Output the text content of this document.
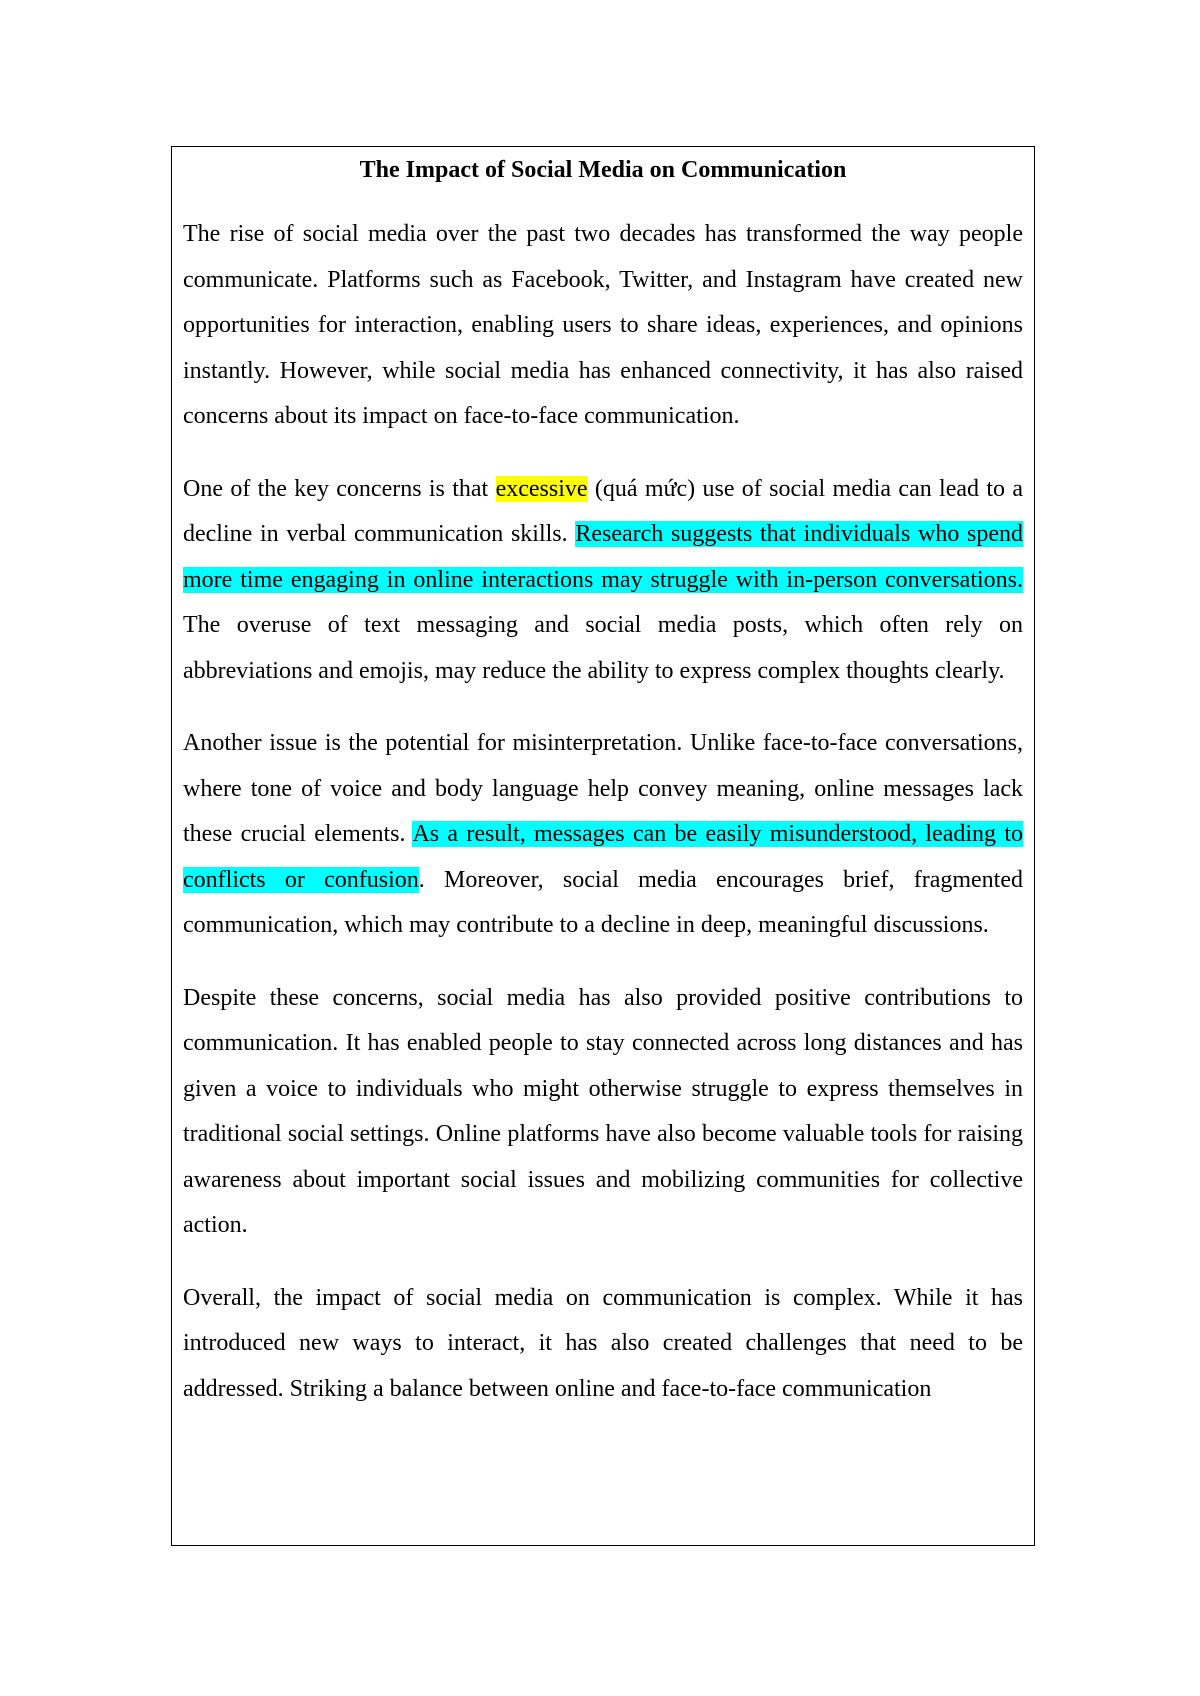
The Impact of Social Media on Communication

The rise of social media over the past two decades has transformed the way people communicate. Platforms such as Facebook, Twitter, and Instagram have created new opportunities for interaction, enabling users to share ideas, experiences, and opinions instantly. However, while social media has enhanced connectivity, it has also raised concerns about its impact on face-to-face communication.

One of the key concerns is that excessive (quá mức) use of social media can lead to a decline in verbal communication skills. Research suggests that individuals who spend more time engaging in online interactions may struggle with in-person conversations. The overuse of text messaging and social media posts, which often rely on abbreviations and emojis, may reduce the ability to express complex thoughts clearly.

Another issue is the potential for misinterpretation. Unlike face-to-face conversations, where tone of voice and body language help convey meaning, online messages lack these crucial elements. As a result, messages can be easily misunderstood, leading to conflicts or confusion. Moreover, social media encourages brief, fragmented communication, which may contribute to a decline in deep, meaningful discussions.

Despite these concerns, social media has also provided positive contributions to communication. It has enabled people to stay connected across long distances and has given a voice to individuals who might otherwise struggle to express themselves in traditional social settings. Online platforms have also become valuable tools for raising awareness about important social issues and mobilizing communities for collective action.

Overall, the impact of social media on communication is complex. While it has introduced new ways to interact, it has also created challenges that need to be addressed. Striking a balance between online and face-to-face communication
